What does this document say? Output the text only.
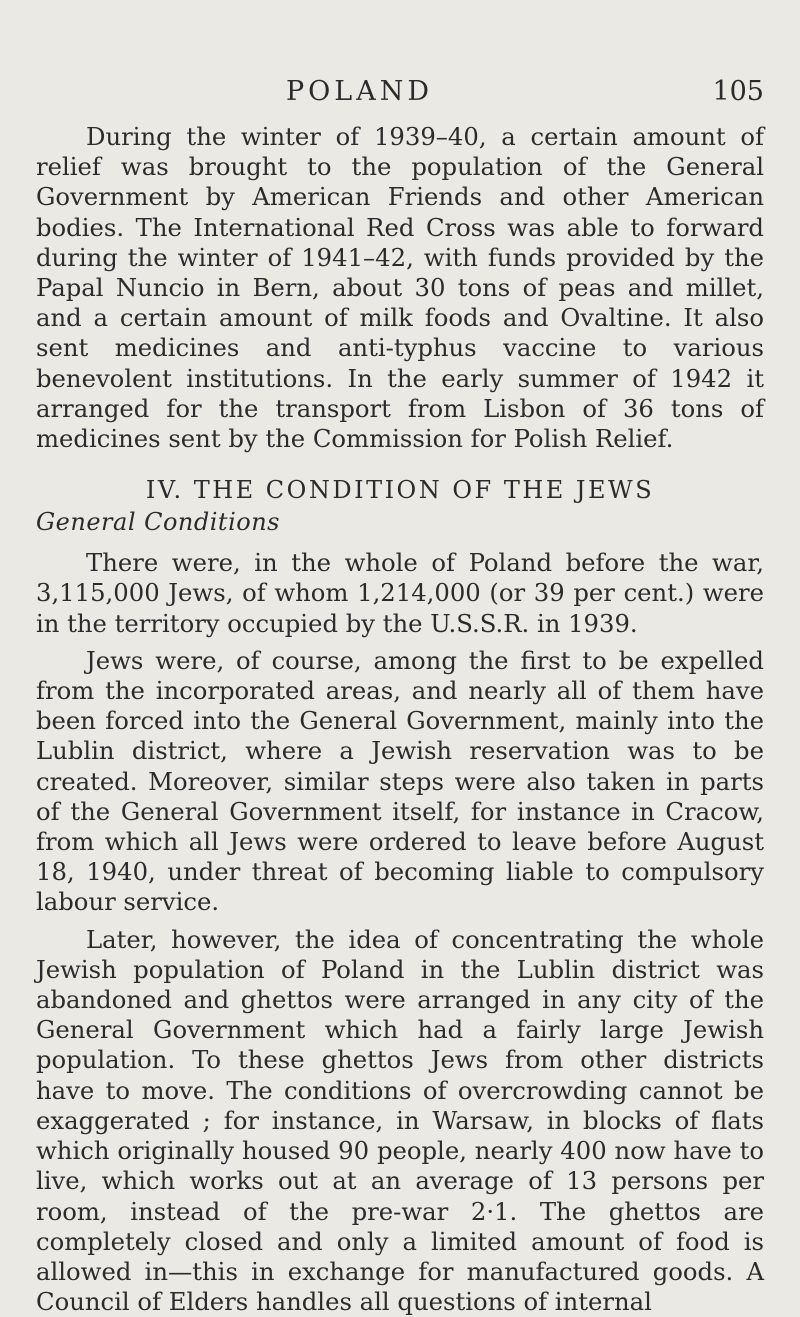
POLAND	105

During the winter of 1939–40, a certain amount of relief was brought to the population of the General Government by American Friends and other American bodies. The International Red Cross was able to forward during the winter of 1941–42, with funds provided by the Papal Nuncio in Bern, about 30 tons of peas and millet, and a certain amount of milk foods and Ovaltine. It also sent medicines and anti-typhus vaccine to various benevolent institutions. In the early summer of 1942 it arranged for the transport from Lisbon of 36 tons of medicines sent by the Commission for Polish Relief.

IV. THE CONDITION OF THE JEWS
General Conditions

There were, in the whole of Poland before the war, 3,115,000 Jews, of whom 1,214,000 (or 39 per cent.) were in the territory occupied by the U.S.S.R. in 1939.

Jews were, of course, among the first to be expelled from the incorporated areas, and nearly all of them have been forced into the General Government, mainly into the Lublin district, where a Jewish reservation was to be created. Moreover, similar steps were also taken in parts of the General Government itself, for instance in Cracow, from which all Jews were ordered to leave before August 18, 1940, under threat of becoming liable to compulsory labour service.

Later, however, the idea of concentrating the whole Jewish population of Poland in the Lublin district was abandoned and ghettos were arranged in any city of the General Government which had a fairly large Jewish population. To these ghettos Jews from other districts have to move. The conditions of overcrowding cannot be exaggerated ; for instance, in Warsaw, in blocks of flats which originally housed 90 people, nearly 400 now have to live, which works out at an average of 13 persons per room, instead of the pre-war 2·1. The ghettos are completely closed and only a limited amount of food is allowed in—this in exchange for manufactured goods. A Council of Elders handles all questions of internal
